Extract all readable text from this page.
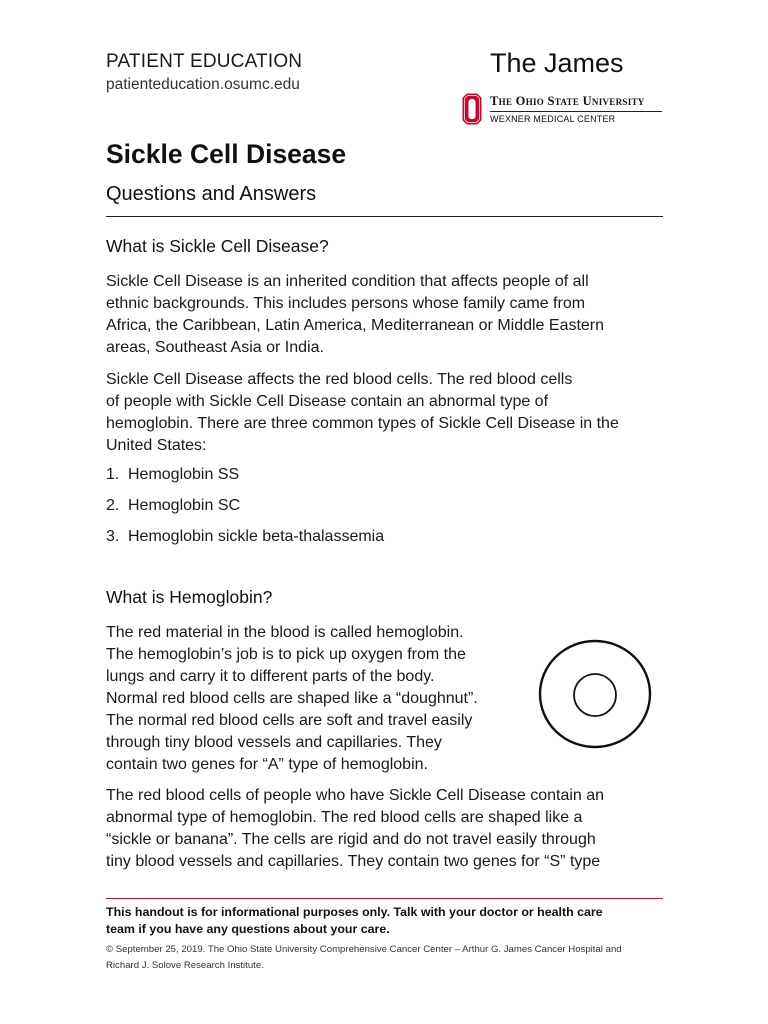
PATIENT EDUCATION
patienteducation.osumc.edu
The James
The Ohio State University
WEXNER MEDICAL CENTER
Sickle Cell Disease
Questions and Answers
What is Sickle Cell Disease?
Sickle Cell Disease is an inherited condition that affects people of all
ethnic backgrounds. This includes persons whose family came from
Africa, the Caribbean, Latin America, Mediterranean or Middle Eastern
areas, Southeast Asia or India.
Sickle Cell Disease affects the red blood cells. The red blood cells
of people with Sickle Cell Disease contain an abnormal type of
hemoglobin. There are three common types of Sickle Cell Disease in the
United States:
1. Hemoglobin SS
2. Hemoglobin SC
3. Hemoglobin sickle beta-thalassemia
What is Hemoglobin?
The red material in the blood is called hemoglobin.
The hemoglobin’s job is to pick up oxygen from the
lungs and carry it to different parts of the body.
Normal red blood cells are shaped like a “doughnut”.
The normal red blood cells are soft and travel easily
through tiny blood vessels and capillaries. They
contain two genes for “A” type of hemoglobin.
The red blood cells of people who have Sickle Cell Disease contain an
abnormal type of hemoglobin. The red blood cells are shaped like a
“sickle or banana”. The cells are rigid and do not travel easily through
tiny blood vessels and capillaries. They contain two genes for “S” type
This handout is for informational purposes only. Talk with your doctor or health care
team if you have any questions about your care.
© September 25, 2019. The Ohio State University Comprehensive Cancer Center – Arthur G. James Cancer Hospital and
Richard J. Solove Research Institute.
